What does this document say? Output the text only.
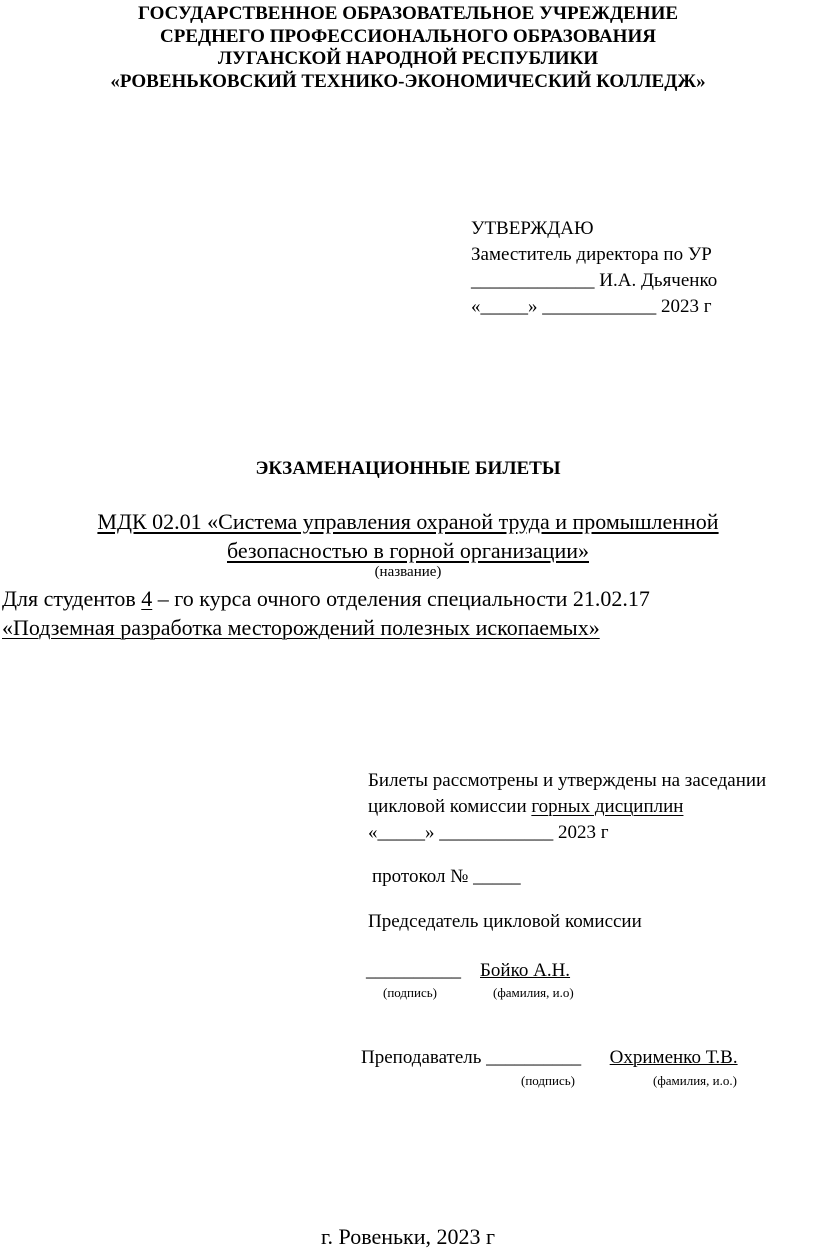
ГОСУДАРСТВЕННОЕ ОБРАЗОВАТЕЛЬНОЕ УЧРЕЖДЕНИЕ
СРЕДНЕГО ПРОФЕССИОНАЛЬНОГО ОБРАЗОВАНИЯ
ЛУГАНСКОЙ НАРОДНОЙ РЕСПУБЛИКИ
«РОВЕНЬКОВСКИЙ ТЕХНИКО-ЭКОНОМИЧЕСКИЙ КОЛЛЕДЖ»
УТВЕРЖДАЮ
Заместитель директора по УР
_____________ И.А. Дьяченко
«_____» ____________ 2023 г
ЭКЗАМЕНАЦИОННЫЕ БИЛЕТЫ
МДК 02.01 «Система управления охраной труда и промышленной
безопасностью в горной организации»
(название)
Для студентов 4 – го курса очного отделения специальности 21.02.17
«Подземная разработка месторождений полезных ископаемых»
Билеты рассмотрены и утверждены на заседании
цикловой комиссии горных дисциплин
«_____» ____________ 2023 г
протокол № _____
Председатель цикловой комиссии
__________ Бойко А.Н.
(подпись)	(фамилия, и.о)
Преподаватель __________ Охрименко Т.В.
(подпись)	(фамилия, и.о.)
г. Ровеньки, 2023 г
